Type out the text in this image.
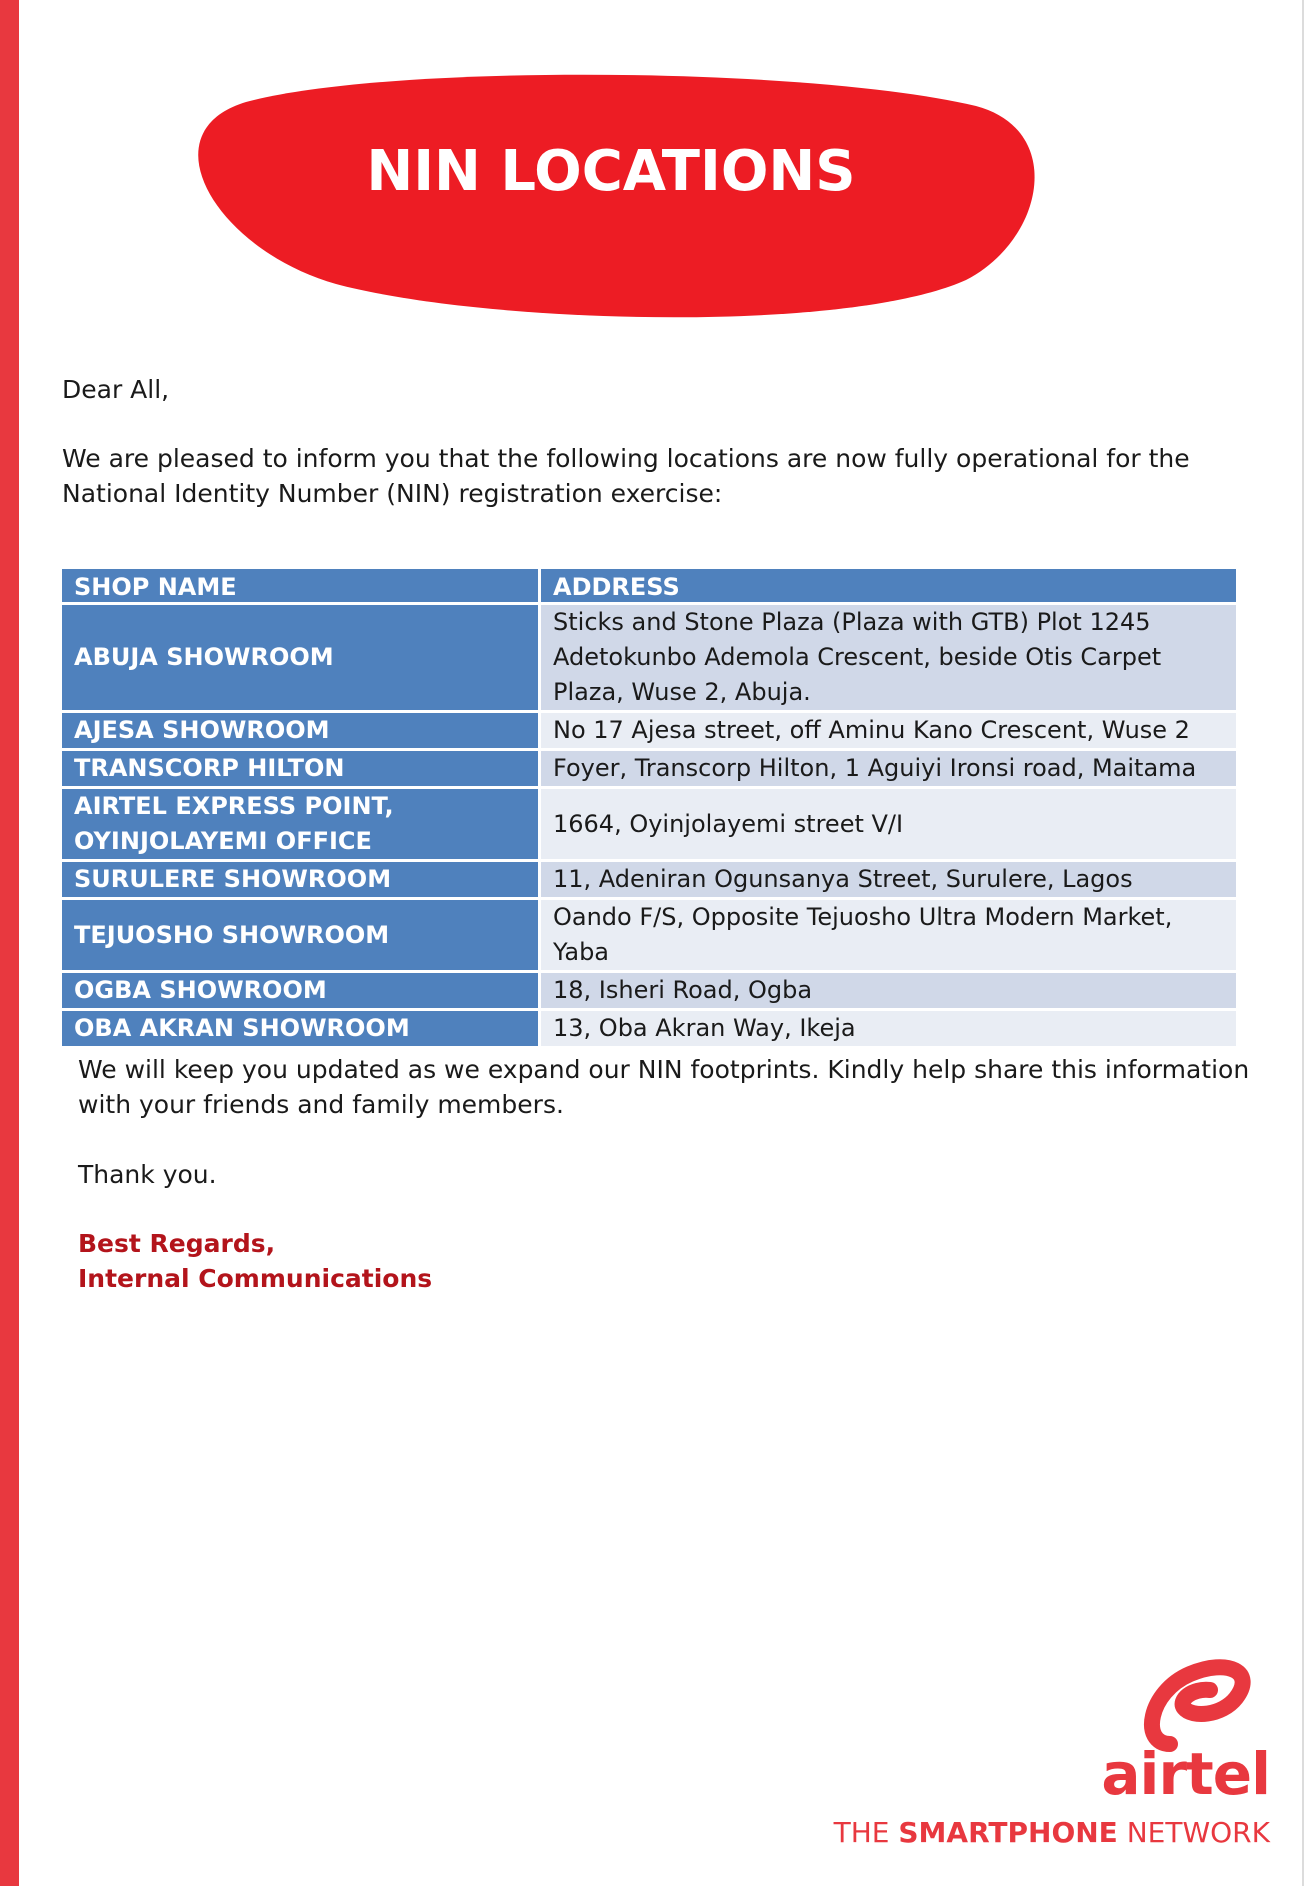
NIN LOCATIONS
Dear All,
We are pleased to inform you that the following locations are now fully operational for the National Identity Number (NIN) registration exercise:
SHOP NAME	ADDRESS
ABUJA SHOWROOM	Sticks and Stone Plaza (Plaza with GTB) Plot 1245 Adetokunbo Ademola Crescent, beside Otis Carpet Plaza, Wuse 2, Abuja.
AJESA SHOWROOM	No 17 Ajesa street, off Aminu Kano Crescent, Wuse 2
TRANSCORP HILTON	Foyer, Transcorp Hilton, 1 Aguiyi Ironsi road, Maitama
AIRTEL EXPRESS POINT, OYINJOLAYEMI OFFICE	1664, Oyinjolayemi street V/I
SURULERE SHOWROOM	11, Adeniran Ogunsanya Street, Surulere, Lagos
TEJUOSHO SHOWROOM	Oando F/S, Opposite Tejuosho Ultra Modern Market, Yaba
OGBA SHOWROOM	18, Isheri Road, Ogba
OBA AKRAN SHOWROOM	13, Oba Akran Way, Ikeja
We will keep you updated as we expand our NIN footprints. Kindly help share this information with your friends and family members.
Thank you.
Best Regards,
Internal Communications
airtel
THE SMARTPHONE NETWORK
